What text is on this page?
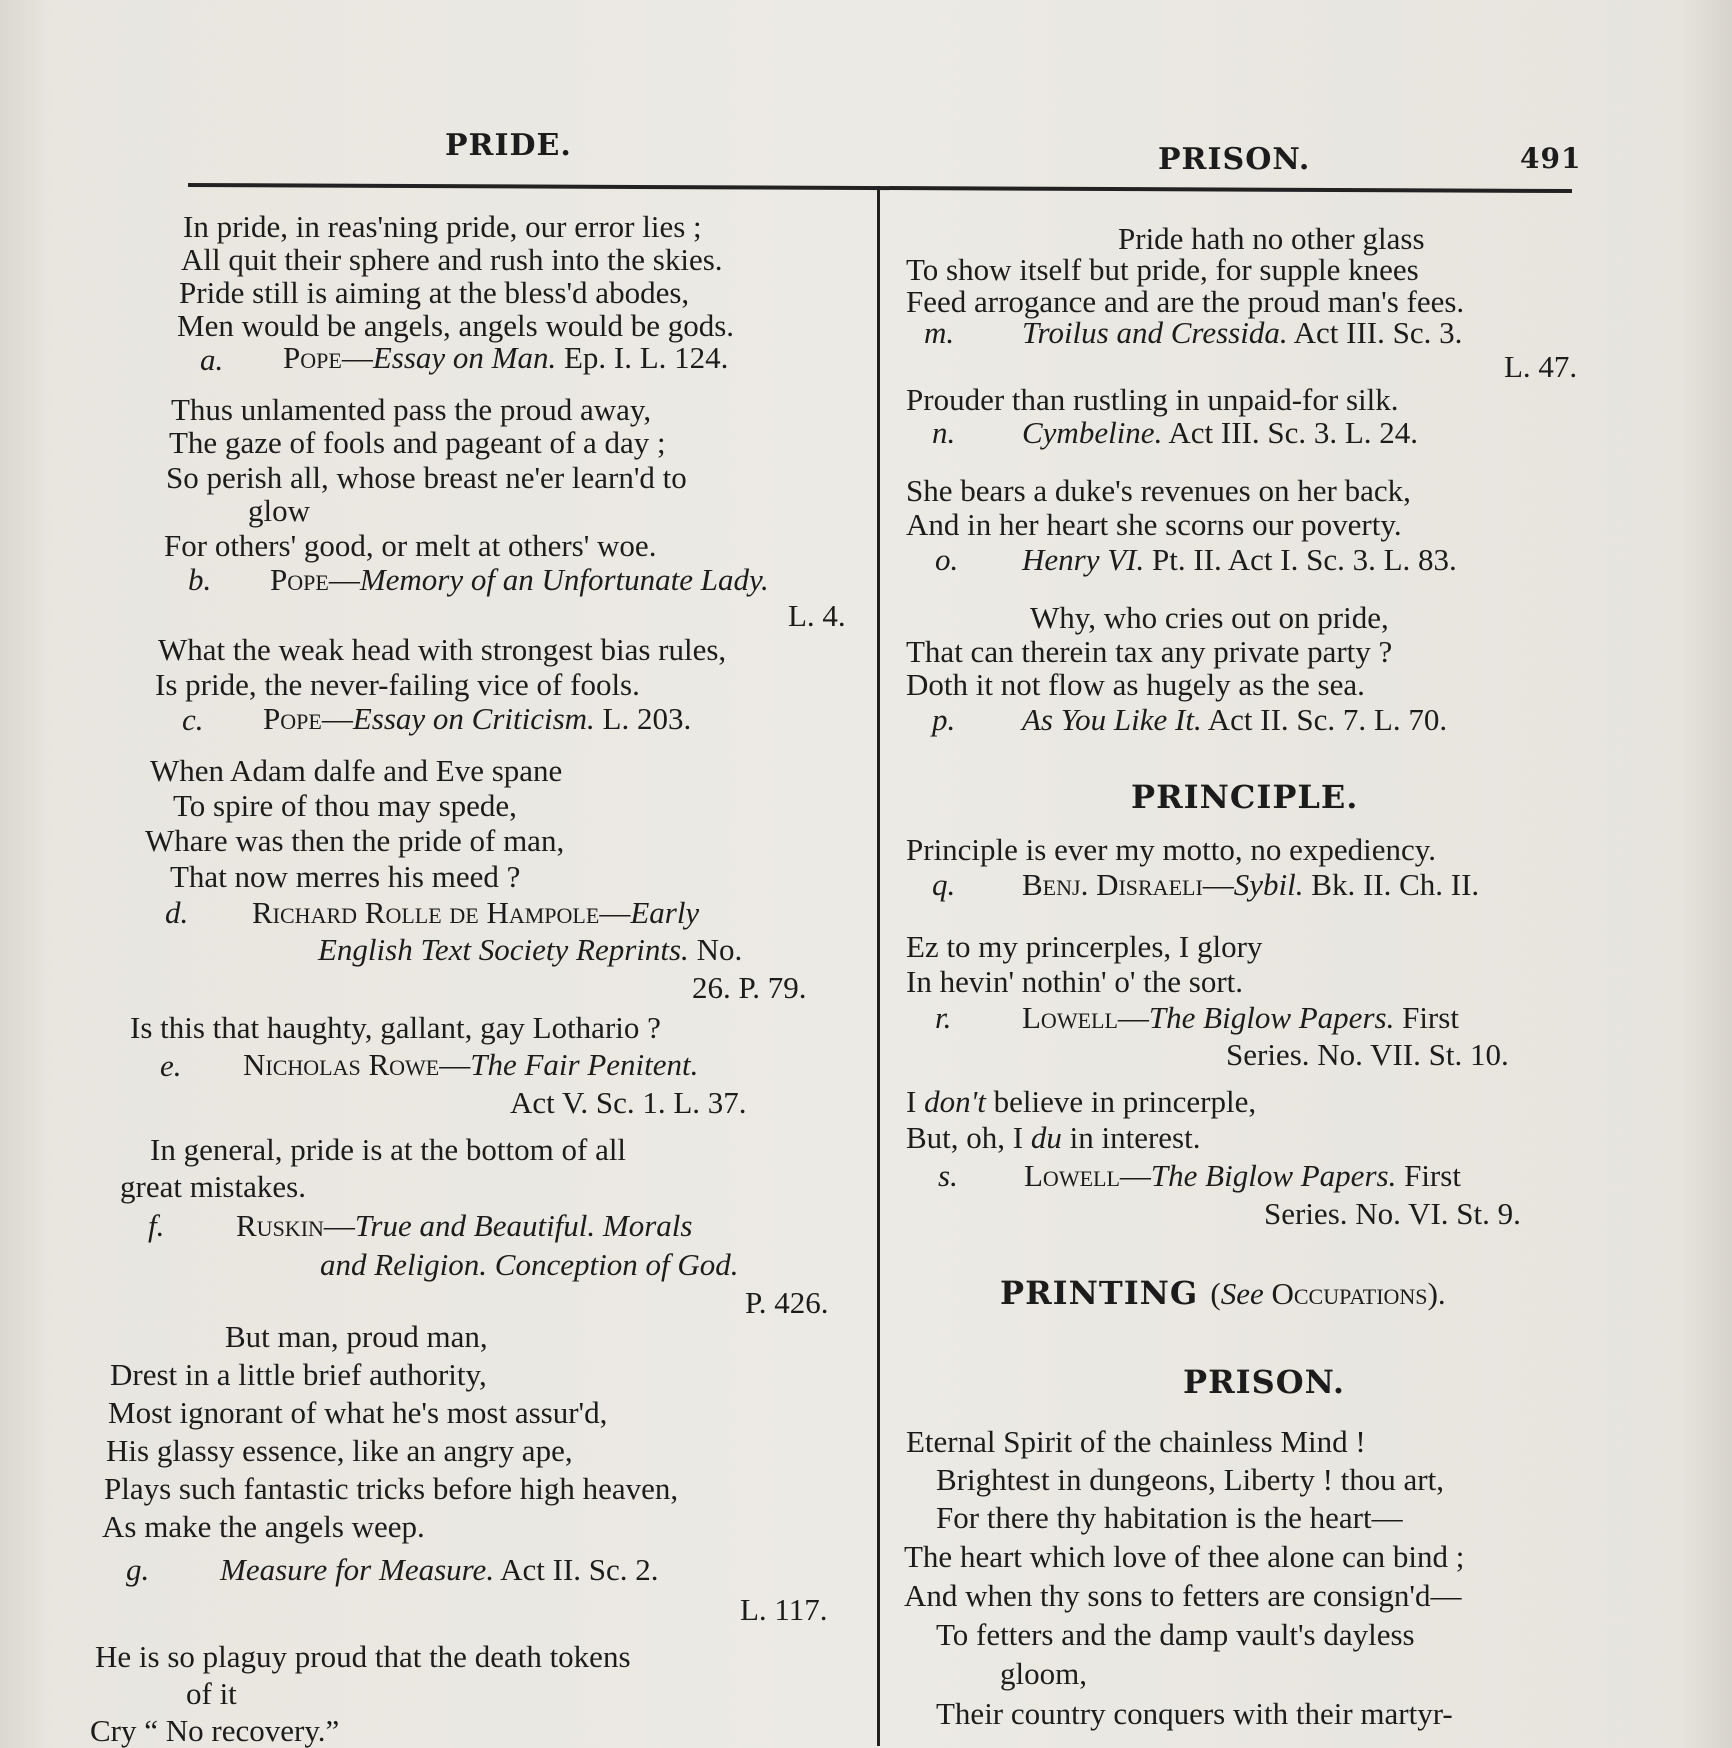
PRIDE.	PRISON.	491
In pride, in reas'ning pride, our error lies ;
All quit their sphere and rush into the skies.
Pride still is aiming at the bless'd abodes,
Men would be angels, angels would be gods.
a. Pope—Essay on Man. Ep. I. L. 124.
Thus unlamented pass the proud away,
The gaze of fools and pageant of a day ;
So perish all, whose breast ne'er learn'd to
glow
For others' good, or melt at others' woe.
b. Pope—Memory of an Unfortunate Lady.
L. 4.
What the weak head with strongest bias rules,
Is pride, the never-failing vice of fools.
c. Pope—Essay on Criticism. L. 203.
When Adam dalfe and Eve spane
To spire of thou may spede,
Whare was then the pride of man,
That now merres his meed ?
d. Richard Rolle de Hampole—Early
English Text Society Reprints. No.
26. P. 79.
Is this that haughty, gallant, gay Lothario ?
e. Nicholas Rowe—The Fair Penitent.
Act V. Sc. 1. L. 37.
In general, pride is at the bottom of all
great mistakes.
f. Ruskin—True and Beautiful. Morals
and Religion. Conception of God.
P. 426.
But man, proud man,
Drest in a little brief authority,
Most ignorant of what he's most assur'd,
His glassy essence, like an angry ape,
Plays such fantastic tricks before high heaven,
As make the angels weep.
g. Measure for Measure. Act II. Sc. 2.
L. 117.
He is so plaguy proud that the death tokens
of it
Cry “ No recovery.”
Pride hath no other glass
To show itself but pride, for supple knees
Feed arrogance and are the proud man's fees.
m. Troilus and Cressida. Act III. Sc. 3.
L. 47.
Prouder than rustling in unpaid-for silk.
n. Cymbeline. Act III. Sc. 3. L. 24.
She bears a duke's revenues on her back,
And in her heart she scorns our poverty.
o. Henry VI. Pt. II. Act I. Sc. 3. L. 83.
Why, who cries out on pride,
That can therein tax any private party ?
Doth it not flow as hugely as the sea.
p. As You Like It. Act II. Sc. 7. L. 70.
PRINCIPLE.
Principle is ever my motto, no expediency.
q. Benj. Disraeli—Sybil. Bk. II. Ch. II.
Ez to my princerples, I glory
In hevin' nothin' o' the sort.
r. Lowell—The Biglow Papers. First
Series. No. VII. St. 10.
I don't believe in princerple,
But, oh, I du in interest.
s. Lowell—The Biglow Papers. First
Series. No. VI. St. 9.
PRINTING (See Occupations).
PRISON.
Eternal Spirit of the chainless Mind !
Brightest in dungeons, Liberty ! thou art,
For there thy habitation is the heart—
The heart which love of thee alone can bind ;
And when thy sons to fetters are consign'd—
To fetters and the damp vault's dayless
gloom,
Their country conquers with their martyr-
